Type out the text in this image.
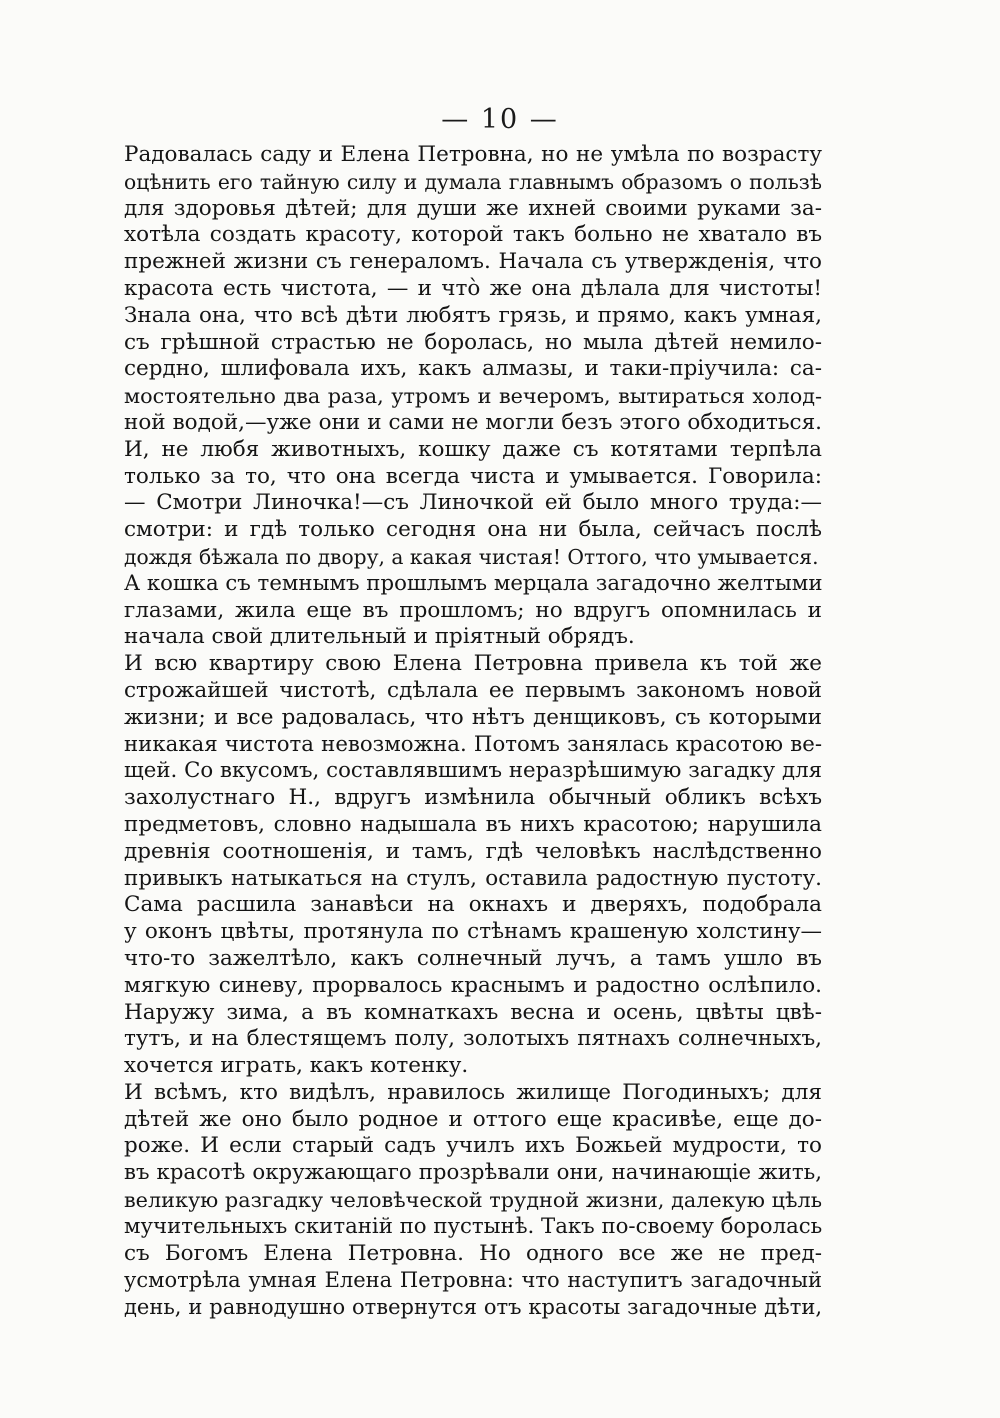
— 10 —
Радовалась саду и Елена Петровна, но не умѣла по возрасту
оцѣнить его тайную силу и думала главнымъ образомъ о пользѣ
для здоровья дѣтей; для души же ихней своими руками за-
хотѣла создать красоту, которой такъ больно не хватало въ
прежней жизни съ генераломъ. Начала съ утвержденія, что
красота есть чистота, — и что̀ же она дѣлала для чистоты!
Знала она, что всѣ дѣти любятъ грязь, и прямо, какъ умная,
съ грѣшной страстью не боролась, но мыла дѣтей немило-
сердно, шлифовала ихъ, какъ алмазы, и таки-пріучила: са-
мостоятельно два раза, утромъ и вечеромъ, вытираться холод-
ной водой,—уже они и сами не могли безъ этого обходиться.
И, не любя животныхъ, кошку даже съ котятами терпѣла
только за то, что она всегда чиста и умывается. Говорила:
— Смотри Линочка!—съ Линочкой ей было много труда:—
смотри: и гдѣ только сегодня она ни была, сейчасъ послѣ
дождя бѣжала по двору, а какая чистая! Оттого, что умывается.
А кошка съ темнымъ прошлымъ мерцала загадочно желтыми
глазами, жила еще въ прошломъ; но вдругъ опомнилась и
начала свой длительный и пріятный обрядъ.
И всю квартиру свою Елена Петровна привела къ той же
строжайшей чистотѣ, сдѣлала ее первымъ закономъ новой
жизни; и все радовалась, что нѣтъ денщиковъ, съ которыми
никакая чистота невозможна. Потомъ занялась красотою ве-
щей. Со вкусомъ, составлявшимъ неразрѣшимую загадку для
захолустнаго Н., вдругъ измѣнила обычный обликъ всѣхъ
предметовъ, словно надышала въ нихъ красотою; нарушила
древнія соотношенія, и тамъ, гдѣ человѣкъ наслѣдственно
привыкъ натыкаться на стулъ, оставила радостную пустоту.
Сама расшила занавѣси на окнахъ и дверяхъ, подобрала
у оконъ цвѣты, протянула по стѣнамъ крашеную холстину—
что-то зажелтѣло, какъ солнечный лучъ, а тамъ ушло въ
мягкую синеву, прорвалось краснымъ и радостно ослѣпило.
Наружу зима, а въ комнаткахъ весна и осень, цвѣты цвѣ-
тутъ, и на блестящемъ полу, золотыхъ пятнахъ солнечныхъ,
хочется играть, какъ котенку.
И всѣмъ, кто видѣлъ, нравилось жилище Погодиныхъ; для
дѣтей же оно было родное и оттого еще красивѣе, еще до-
роже. И если старый садъ училъ ихъ Божьей мудрости, то
въ красотѣ окружающаго прозрѣвали они, начинающіе жить,
великую разгадку человѣческой трудной жизни, далекую цѣль
мучительныхъ скитаній по пустынѣ. Такъ по-своему боролась
съ Богомъ Елена Петровна. Но одного все же не пред-
усмотрѣла умная Елена Петровна: что наступитъ загадочный
день, и равнодушно отвернутся отъ красоты загадочные дѣти,
